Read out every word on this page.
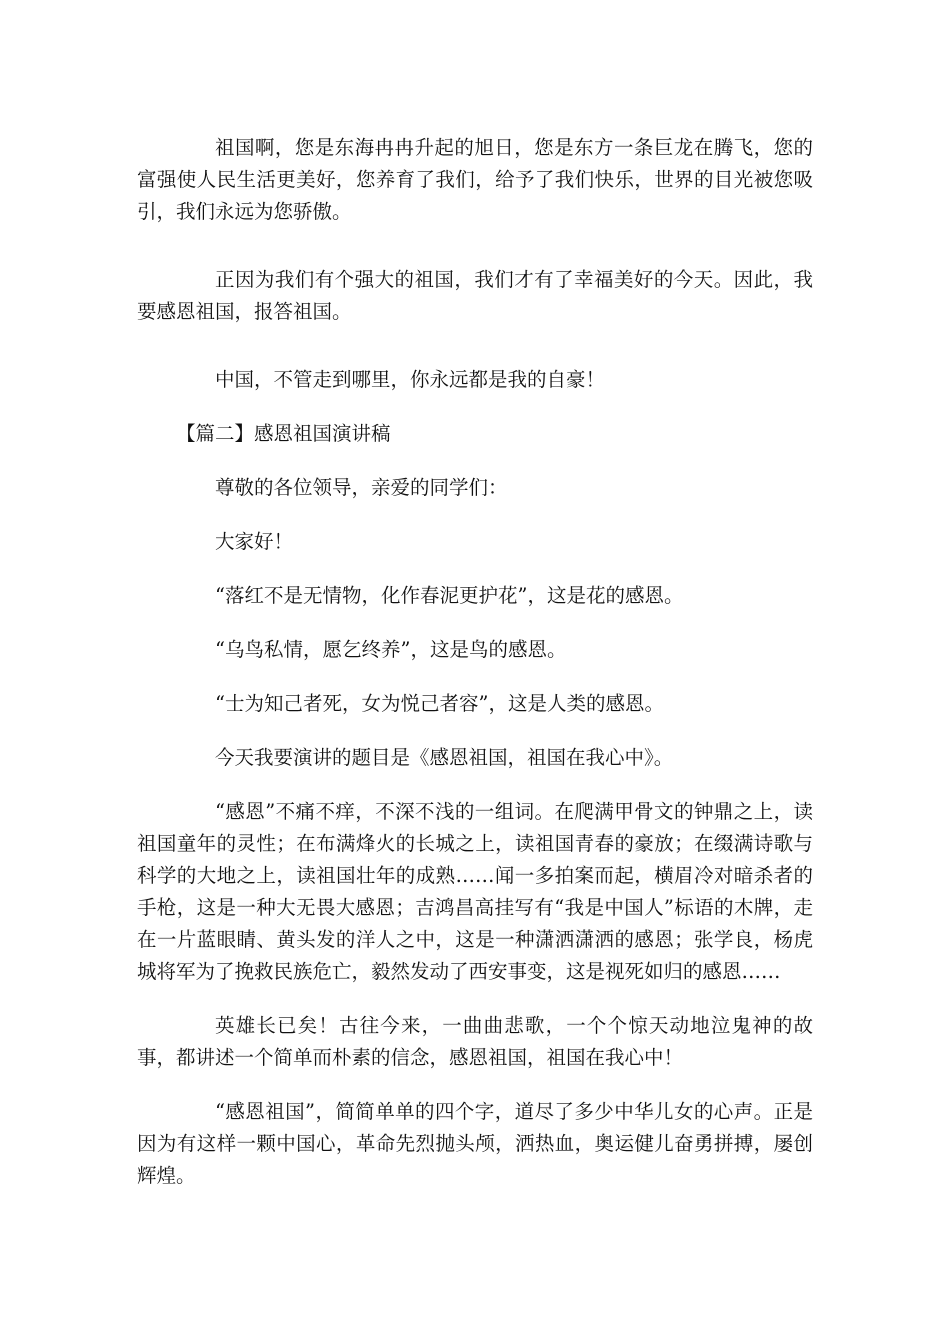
祖国啊，您是东海冉冉升起的旭日，您是东方一条巨龙在腾飞，您的富强使人民生活更美好，您养育了我们，给予了我们快乐，世界的目光被您吸引，我们永远为您骄傲。

正因为我们有个强大的祖国，我们才有了幸福美好的今天。因此，我要感恩祖国，报答祖国。

中国，不管走到哪里，你永远都是我的自豪！

【篇二】感恩祖国演讲稿

尊敬的各位领导，亲爱的同学们：

大家好！

“落红不是无情物，化作春泥更护花”，这是花的感恩。

“乌鸟私情，愿乞终养”，这是鸟的感恩。

“士为知己者死，女为悦己者容”，这是人类的感恩。

今天我要演讲的题目是《感恩祖国，祖国在我心中》。

“感恩”不痛不痒，不深不浅的一组词。在爬满甲骨文的钟鼎之上，读祖国童年的灵性；在布满烽火的长城之上，读祖国青春的豪放；在缀满诗歌与科学的大地之上，读祖国壮年的成熟……闻一多拍案而起，横眉冷对暗杀者的手枪，这是一种大无畏大感恩；吉鸿昌高挂写有“我是中国人”标语的木牌，走在一片蓝眼睛、黄头发的洋人之中，这是一种潇洒潇洒的感恩；张学良，杨虎城将军为了挽救民族危亡，毅然发动了西安事变，这是视死如归的感恩……

英雄长已矣！古往今来，一曲曲悲歌，一个个惊天动地泣鬼神的故事，都讲述一个简单而朴素的信念，感恩祖国，祖国在我心中！

“感恩祖国”，简简单单的四个字，道尽了多少中华儿女的心声。正是因为有这样一颗中国心，革命先烈抛头颅，洒热血，奥运健儿奋勇拼搏，屡创辉煌。
